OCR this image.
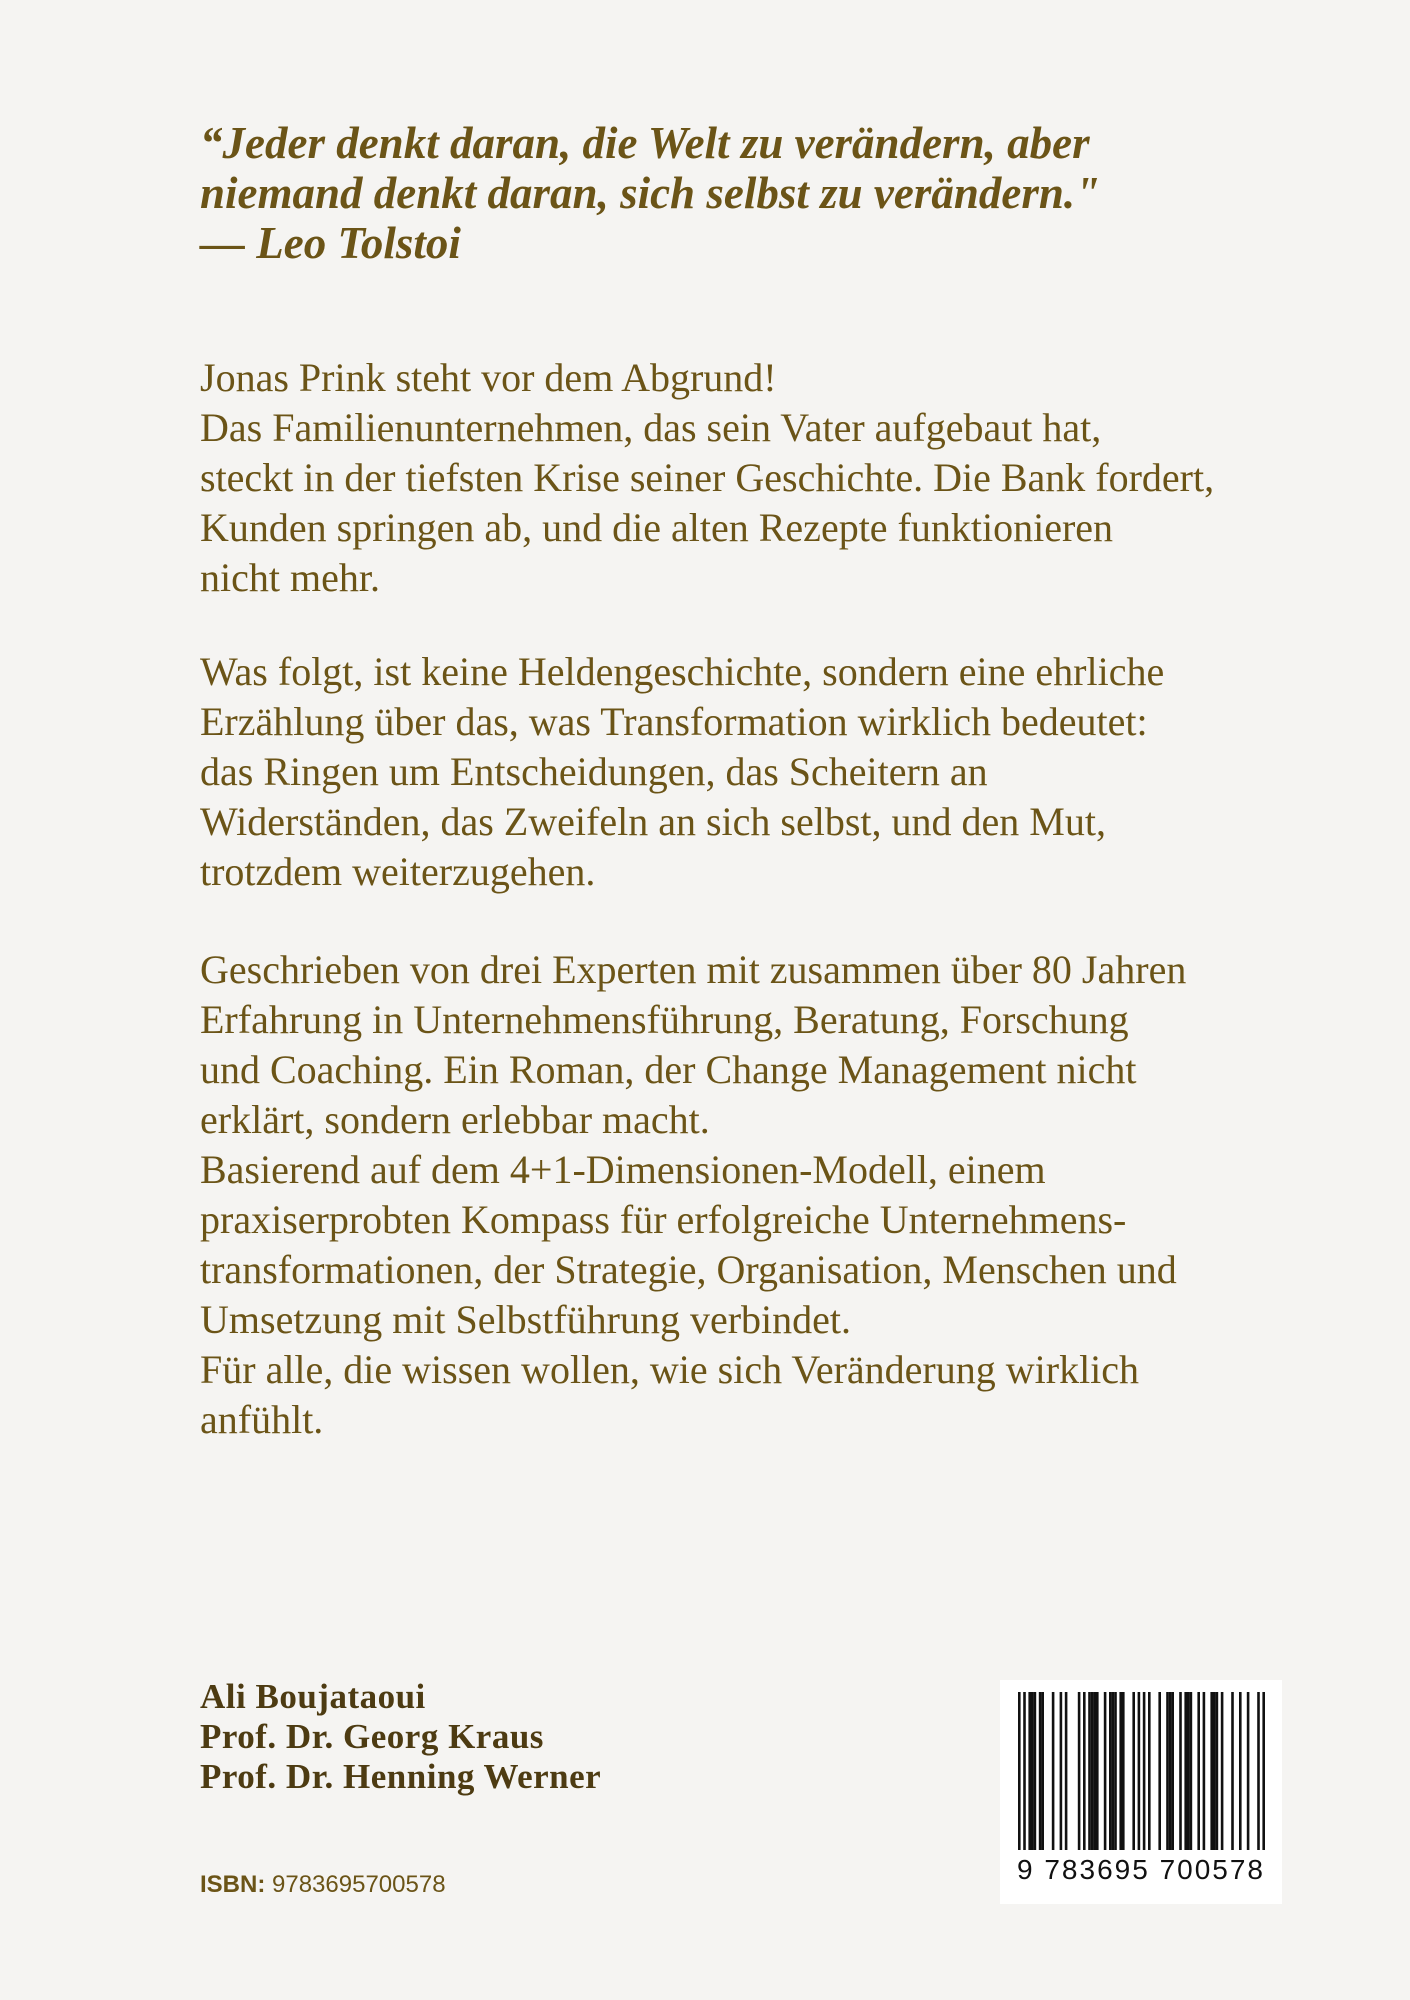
“Jeder denkt daran, die Welt zu verändern, aber
niemand denkt daran, sich selbst zu verändern."
— Leo Tolstoi
Jonas Prink steht vor dem Abgrund!
Das Familienunternehmen, das sein Vater aufgebaut hat,
steckt in der tiefsten Krise seiner Geschichte. Die Bank fordert,
Kunden springen ab, und die alten Rezepte funktionieren
nicht mehr.
Was folgt, ist keine Heldengeschichte, sondern eine ehrliche
Erzählung über das, was Transformation wirklich bedeutet:
das Ringen um Entscheidungen, das Scheitern an
Widerständen, das Zweifeln an sich selbst, und den Mut,
trotzdem weiterzugehen.
Geschrieben von drei Experten mit zusammen über 80 Jahren
Erfahrung in Unternehmensführung, Beratung, Forschung
und Coaching. Ein Roman, der Change Management nicht
erklärt, sondern erlebbar macht.
Basierend auf dem 4+1-Dimensionen-Modell, einem
praxiserprobten Kompass für erfolgreiche Unternehmens-
transformationen, der Strategie, Organisation, Menschen und
Umsetzung mit Selbstführung verbindet.
Für alle, die wissen wollen, wie sich Veränderung wirklich
anfühlt.
Ali Boujataoui
Prof. Dr. Georg Kraus
Prof. Dr. Henning Werner
ISBN: 9783695700578	9 783695 700578
